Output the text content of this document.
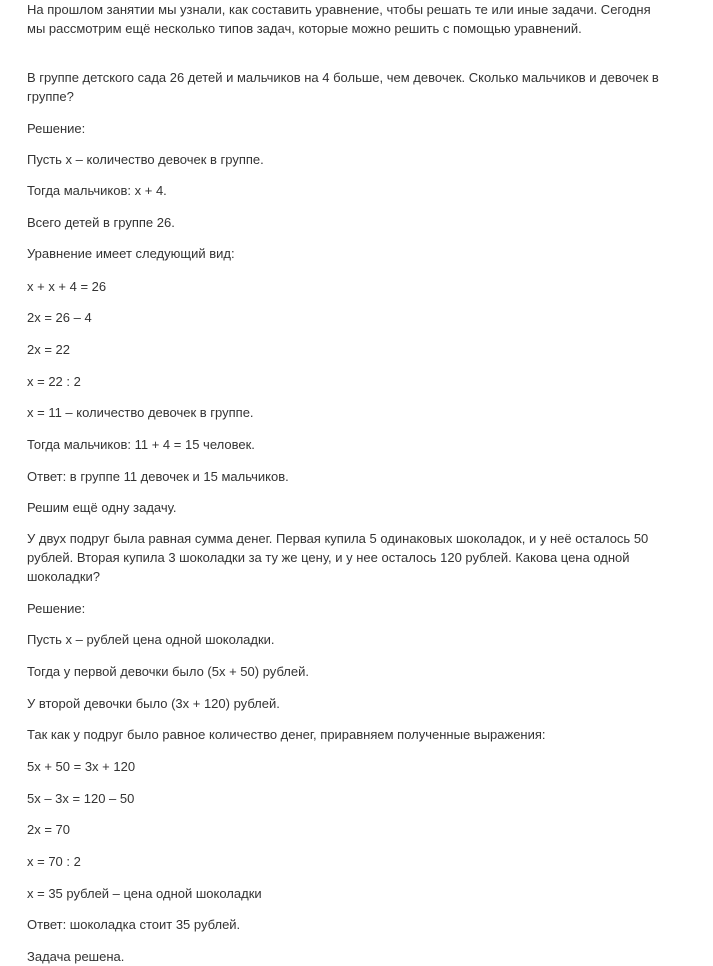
На прошлом занятии мы узнали, как составить уравнение, чтобы решать те или иные задачи. Сегодня мы рассмотрим ещё несколько типов задач, которые можно решить с помощью уравнений.

В группе детского сада 26 детей и мальчиков на 4 больше, чем девочек. Сколько мальчиков и девочек в группе?

Решение:

Пусть x – количество девочек в группе.

Тогда мальчиков: x + 4.

Всего детей в группе 26.

Уравнение имеет следующий вид:

x + x + 4 = 26

2x = 26 – 4

2x = 22

x = 22 : 2

x = 11 – количество девочек в группе.

Тогда мальчиков: 11 + 4 = 15 человек.

Ответ: в группе 11 девочек и 15 мальчиков.

Решим ещё одну задачу.

У двух подруг была равная сумма денег. Первая купила 5 одинаковых шоколадок, и у неё осталось 50 рублей. Вторая купила 3 шоколадки за ту же цену, и у нее осталось 120 рублей. Какова цена одной шоколадки?

Решение:

Пусть x – рублей цена одной шоколадки.

Тогда у первой девочки было (5x + 50) рублей.

У второй девочки было (3x + 120) рублей.

Так как у подруг было равное количество денег, приравняем полученные выражения:

5x + 50 = 3x + 120

5x – 3x = 120 – 50

2x = 70

x = 70 : 2

x = 35 рублей – цена одной шоколадки

Ответ: шоколадка стоит 35 рублей.

Задача решена.
